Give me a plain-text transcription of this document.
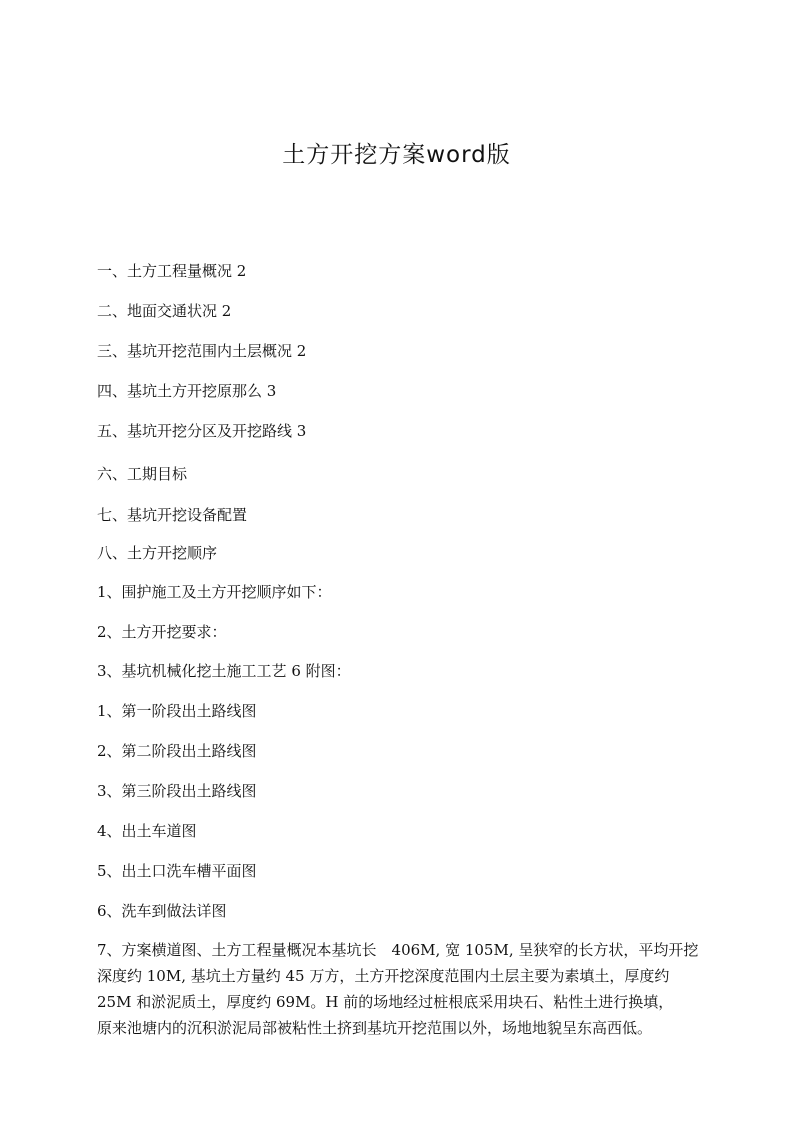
土方开挖方案word版
一、土方工程量概况 2
二、地面交通状况 2
三、基坑开挖范围内土层概况 2
四、基坑土方开挖原那么 3
五、基坑开挖分区及开挖路线 3
六、工期目标
七、基坑开挖设备配置
八、土方开挖顺序
1、围护施工及土方开挖顺序如下：
2、土方开挖要求：
3、基坑机械化挖土施工工艺 6 附图：
1、第一阶段出土路线图
2、第二阶段出土路线图
3、第三阶段出土路线图
4、出土车道图
5、出土口洗车槽平面图
6、洗车到做法详图
7、方案横道图、土方工程量概况本基坑长　406M, 宽 105M, 呈狭窄的长方状，平均开挖
深度约 10M, 基坑土方量约 45 万方，土方开挖深度范围内土层主要为素填土，厚度约
25M 和淤泥质土，厚度约 69M。H 前的场地经过桩根底采用块石、粘性土进行换填，
原来池塘内的沉积淤泥局部被粘性土挤到基坑开挖范围以外，场地地貌呈东高西低。
